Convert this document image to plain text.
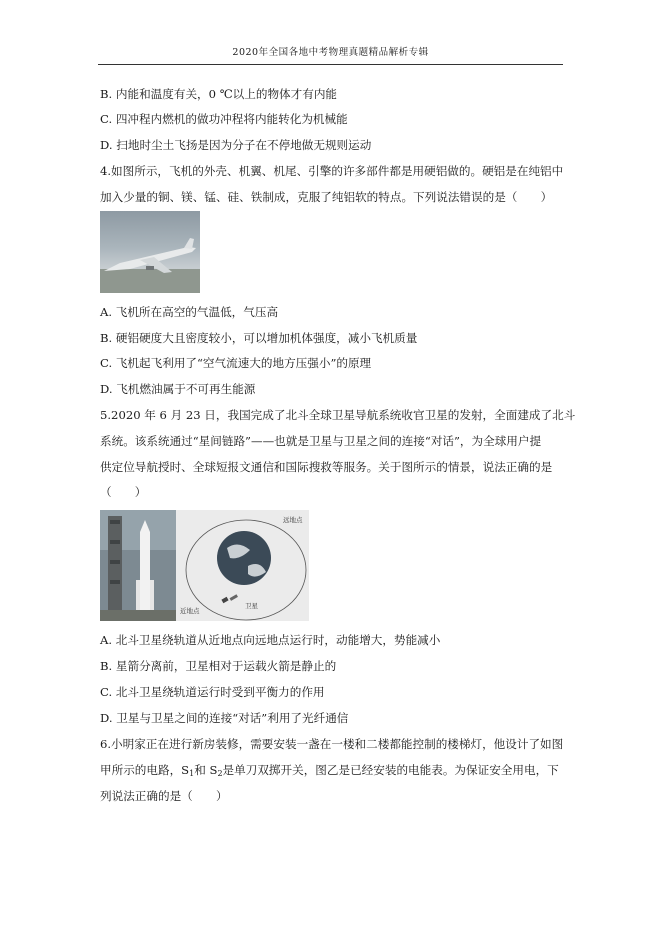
2020年全国各地中考物理真题精品解析专辑
B. 内能和温度有关，0 ℃以上的物体才有内能
C. 四冲程内燃机的做功冲程将内能转化为机械能
D. 扫地时尘土飞扬是因为分子在不停地做无规则运动
4.如图所示，飞机的外壳、机翼、机尾、引擎的许多部件都是用硬铝做的。硬铝是在纯铝中
加入少量的铜、镁、锰、硅、铁制成，克服了纯铝软的特点。下列说法错误的是（　　）
A. 飞机所在高空的气温低，气压高
B. 硬铝硬度大且密度较小，可以增加机体强度，减小飞机质量
C. 飞机起飞利用了“空气流速大的地方压强小”的原理
D. 飞机燃油属于不可再生能源
5.2020 年 6 月 23 日，我国完成了北斗全球卫星导航系统收官卫星的发射，全面建成了北斗
系统。该系统通过“星间链路”——也就是卫星与卫星之间的连接“对话”，为全球用户提
供定位导航授时、全球短报文通信和国际搜救等服务。关于图所示的情景，说法正确的是
（　　）
远地点
近地点
卫星
A. 北斗卫星绕轨道从近地点向远地点运行时，动能增大，势能减小
B. 星箭分离前，卫星相对于运载火箭是静止的
C. 北斗卫星绕轨道运行时受到平衡力的作用
D. 卫星与卫星之间的连接“对话”利用了光纤通信
6.小明家正在进行新房装修，需要安装一盏在一楼和二楼都能控制的楼梯灯，他设计了如图
甲所示的电路，$S_1$和 $S_2$是单刀双掷开关，图乙是已经安装的电能表。为保证安全用电，下
列说法正确的是（　　）
